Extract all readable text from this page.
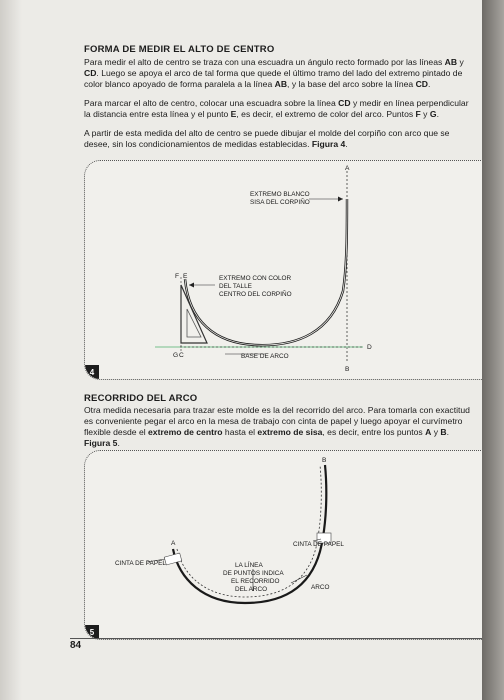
FORMA DE MEDIR EL ALTO DE CENTRO

Para medir el alto de centro se traza con una escuadra un ángulo recto formado por las líneas AB y CD. Luego se apoya el arco de tal forma que quede el último tramo del lado del extremo pintado de color blanco apoyado de forma paralela a la línea AB, y la base del arco sobre la línea CD.

Para marcar el alto de centro, colocar una escuadra sobre la línea CD y medir en línea perpendicular la distancia entre esta línea y el punto E, es decir, el extremo de color del arco. Puntos F y G.

A partir de esta medida del alto de centro se puede dibujar el molde del corpiño con arco que se desee, sin los condicionamientos de medidas establecidas. Figura 4.

EXTREMO BLANCO
SISA DEL CORPIÑO
EXTREMO CON COLOR
DEL TALLE
CENTRO DEL CORPIÑO
BASE DE ARCO
A
B
G C
D
F E
4
RECORRIDO DEL ARCO

Otra medida necesaria para trazar este molde es la del recorrido del arco. Para tomarla con exactitud es conveniente pegar el arco en la mesa de trabajo con cinta de papel y luego apoyar el curvímetro flexible desde el extremo de centro hasta el extremo de sisa, es decir, entre los puntos A y B. Figura 5.

CINTA DE PAPEL
CINTA DE PAPEL
LA LÍNEA
DE PUNTOS INDICA
EL RECORRIDO
DEL ARCO	ARCO
A
B
5
84
